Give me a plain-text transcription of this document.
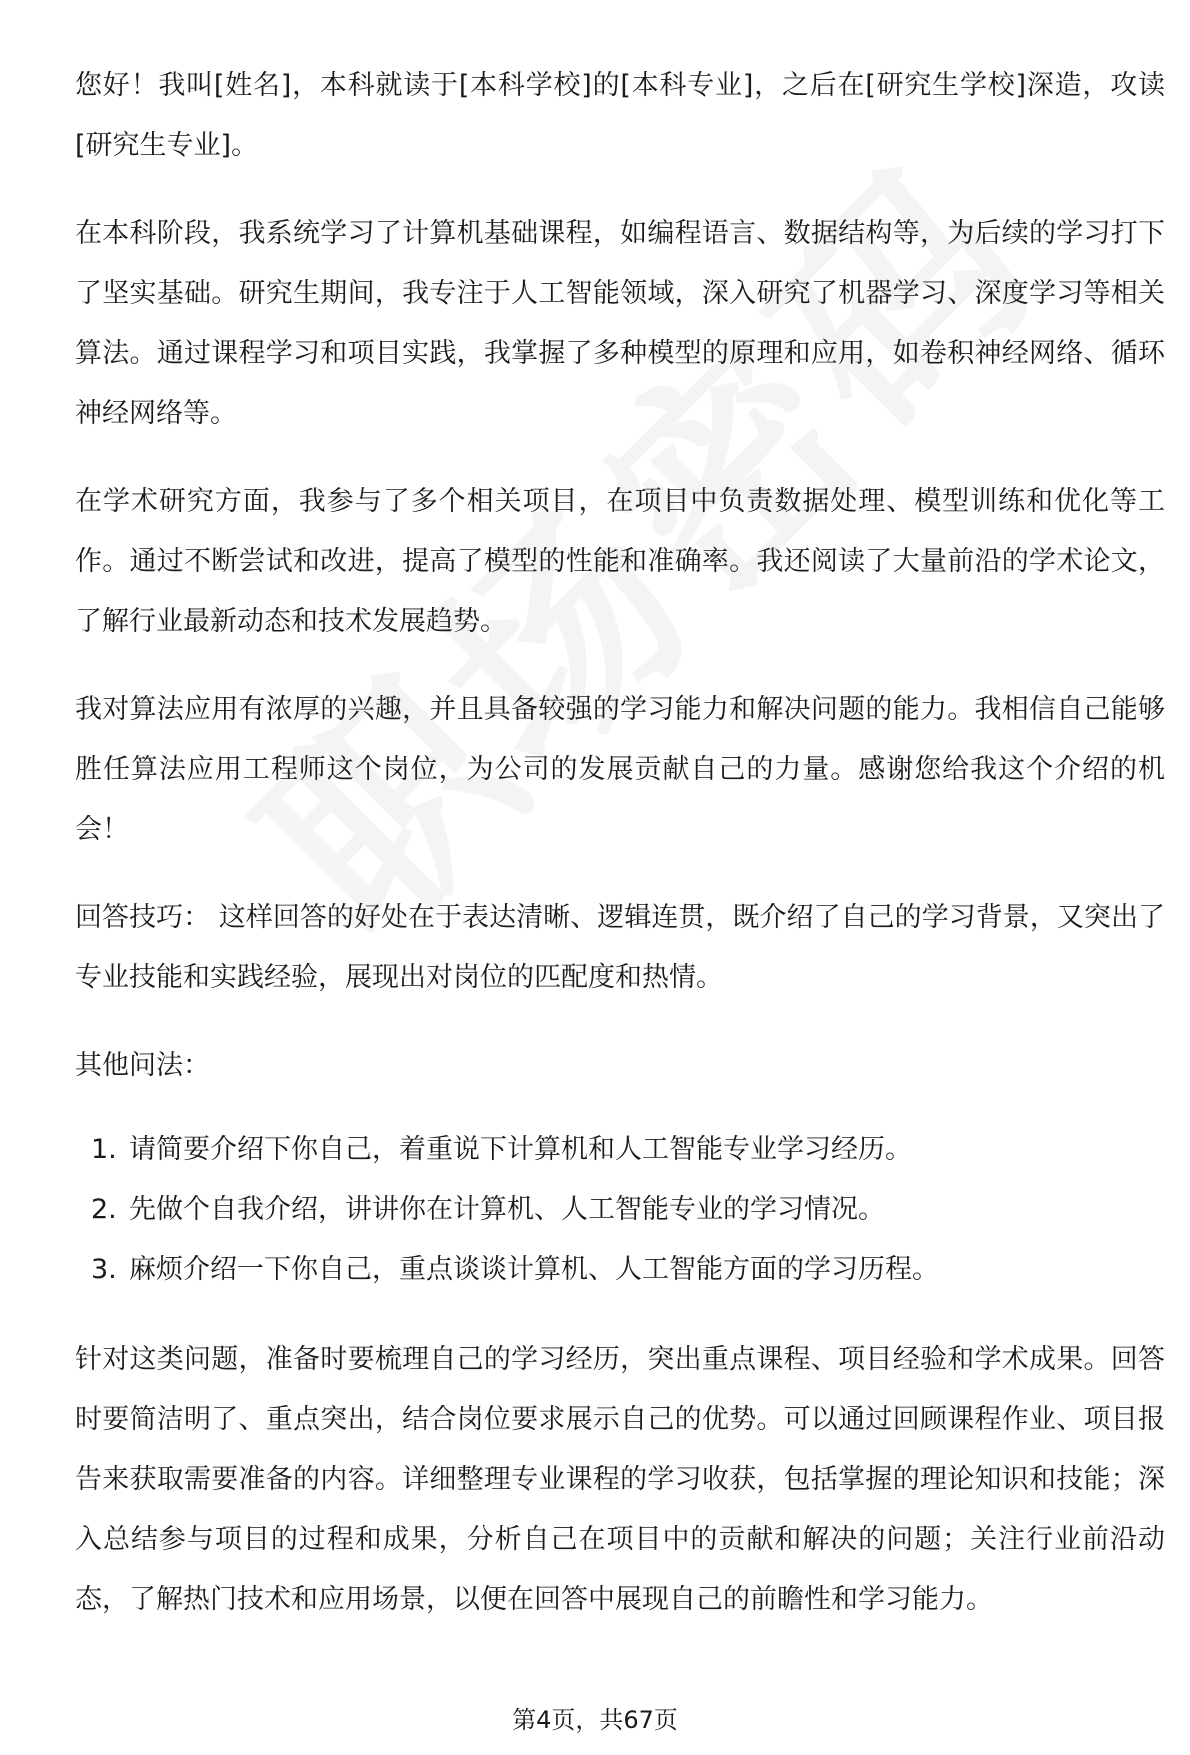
您好！我叫[姓名]，本科就读于[本科学校]的[本科专业]，之后在[研究生学校]深造，攻读[研究生专业]。

在本科阶段，我系统学习了计算机基础课程，如编程语言、数据结构等，为后续的学习打下了坚实基础。研究生期间，我专注于人工智能领域，深入研究了机器学习、深度学习等相关算法。通过课程学习和项目实践，我掌握了多种模型的原理和应用，如卷积神经网络、循环神经网络等。

在学术研究方面，我参与了多个相关项目，在项目中负责数据处理、模型训练和优化等工作。通过不断尝试和改进，提高了模型的性能和准确率。我还阅读了大量前沿的学术论文，了解行业最新动态和技术发展趋势。

我对算法应用有浓厚的兴趣，并且具备较强的学习能力和解决问题的能力。我相信自己能够胜任算法应用工程师这个岗位，为公司的发展贡献自己的力量。感谢您给我这个介绍的机会！

回答技巧： 这样回答的好处在于表达清晰、逻辑连贯，既介绍了自己的学习背景，又突出了专业技能和实践经验，展现出对岗位的匹配度和热情。

其他问法：

1. 请简要介绍下你自己，着重说下计算机和人工智能专业学习经历。
2. 先做个自我介绍，讲讲你在计算机、人工智能专业的学习情况。
3. 麻烦介绍一下你自己，重点谈谈计算机、人工智能方面的学习历程。

针对这类问题，准备时要梳理自己的学习经历，突出重点课程、项目经验和学术成果。回答时要简洁明了、重点突出，结合岗位要求展示自己的优势。可以通过回顾课程作业、项目报告来获取需要准备的内容。详细整理专业课程的学习收获，包括掌握的理论知识和技能；深入总结参与项目的过程和成果，分析自己在项目中的贡献和解决的问题；关注行业前沿动态，了解热门技术和应用场景，以便在回答中展现自己的前瞻性和学习能力。

第4页，共67页
